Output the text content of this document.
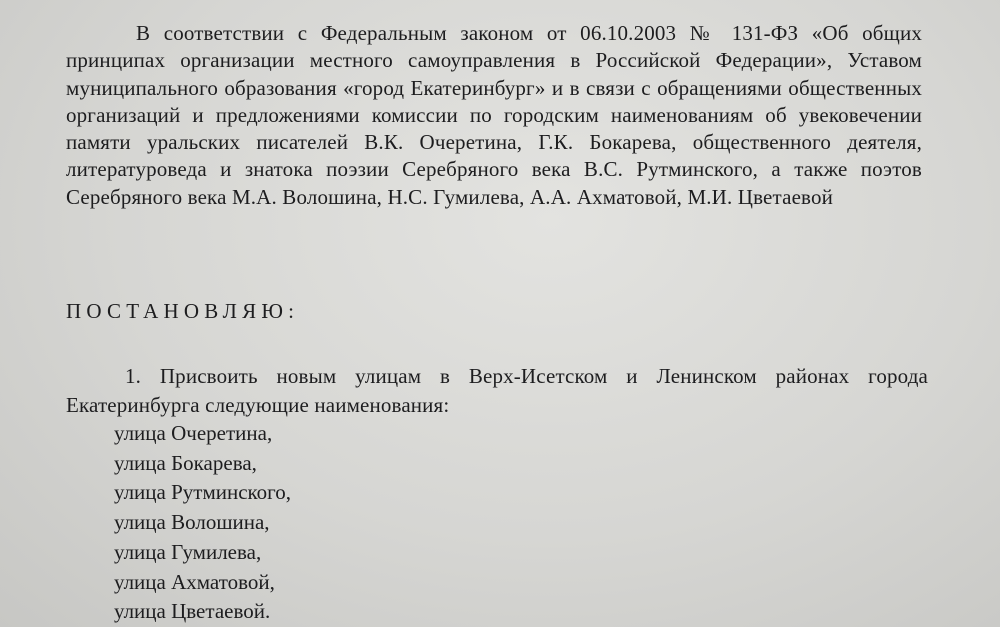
В соответствии с Федеральным законом от 06.10.2003 № 131-ФЗ «Об общих принципах организации местного самоуправления в Российской Федерации», Уставом муниципального образования «город Екатеринбург» и в связи с обращениями общественных организаций и предложениями комиссии по городским наименованиям об увековечении памяти уральских писателей В.К. Очеретина, Г.К. Бокарева, общественного деятеля, литературоведа и знатока поэзии Серебряного века В.С. Рутминского, а также поэтов Серебряного века М.А. Волошина, Н.С. Гумилева, А.А. Ахматовой, М.И. Цветаевой

ПОСТАНОВЛЯЮ:

1. Присвоить новым улицам в Верх-Исетском и Ленинском районах города Екатеринбурга следующие наименования:

улица Очеретина,
улица Бокарева,
улица Рутминского,
улица Волошина,
улица Гумилева,
улица Ахматовой,
улица Цветаевой.
